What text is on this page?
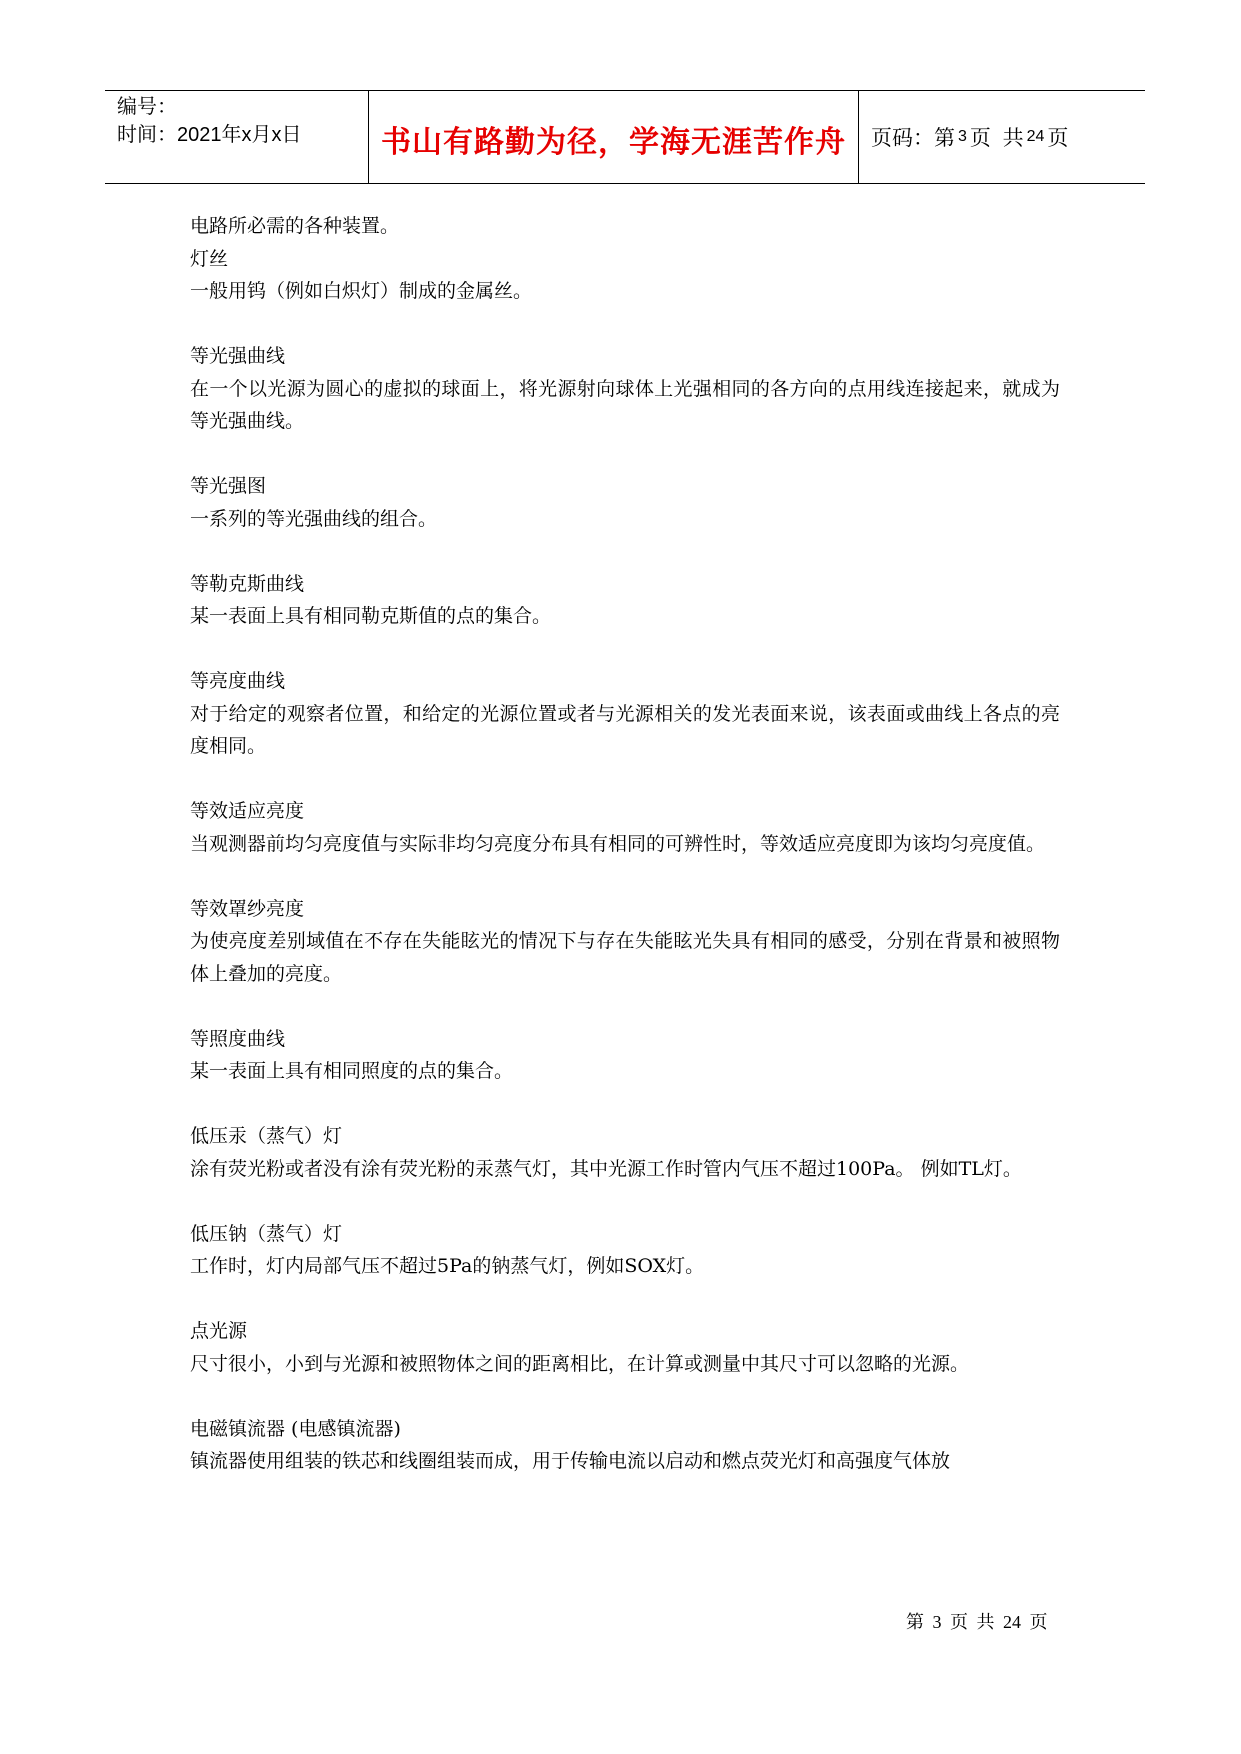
编号：
时间：2021年x月x日	书山有路勤为径，学海无涯苦作舟 页码：第 3 页  共 24 页

电路所必需的各种装置。

灯丝

一般用钨（例如白炽灯）制成的金属丝。

等光强曲线

在一个以光源为圆心的虚拟的球面上，将光源射向球体上光强相同的各方向的点用线连接起来，就成为等光强曲线。

等光强图

一系列的等光强曲线的组合。

等勒克斯曲线

某一表面上具有相同勒克斯值的点的集合。

等亮度曲线

对于给定的观察者位置，和给定的光源位置或者与光源相关的发光表面来说，该表面或曲线上各点的亮度相同。

等效适应亮度

当观测器前均匀亮度值与实际非均匀亮度分布具有相同的可辨性时，等效适应亮度即为该均匀亮度值。

等效罩纱亮度

为使亮度差别域值在不存在失能眩光的情况下与存在失能眩光失具有相同的感受，分别在背景和被照物体上叠加的亮度。

等照度曲线

某一表面上具有相同照度的点的集合。

低压汞（蒸气）灯

涂有荧光粉或者没有涂有荧光粉的汞蒸气灯，其中光源工作时管内气压不超过100Pa。 例如TL灯。

低压钠（蒸气）灯

工作时，灯内局部气压不超过5Pa的钠蒸气灯，例如SOX灯。

点光源

尺寸很小，小到与光源和被照物体之间的距离相比，在计算或测量中其尺寸可以忽略的光源。

电磁镇流器 (电感镇流器)

镇流器使用组装的铁芯和线圈组装而成，用于传输电流以启动和燃点荧光灯和高强度气体放

第 3 页 共 24 页
